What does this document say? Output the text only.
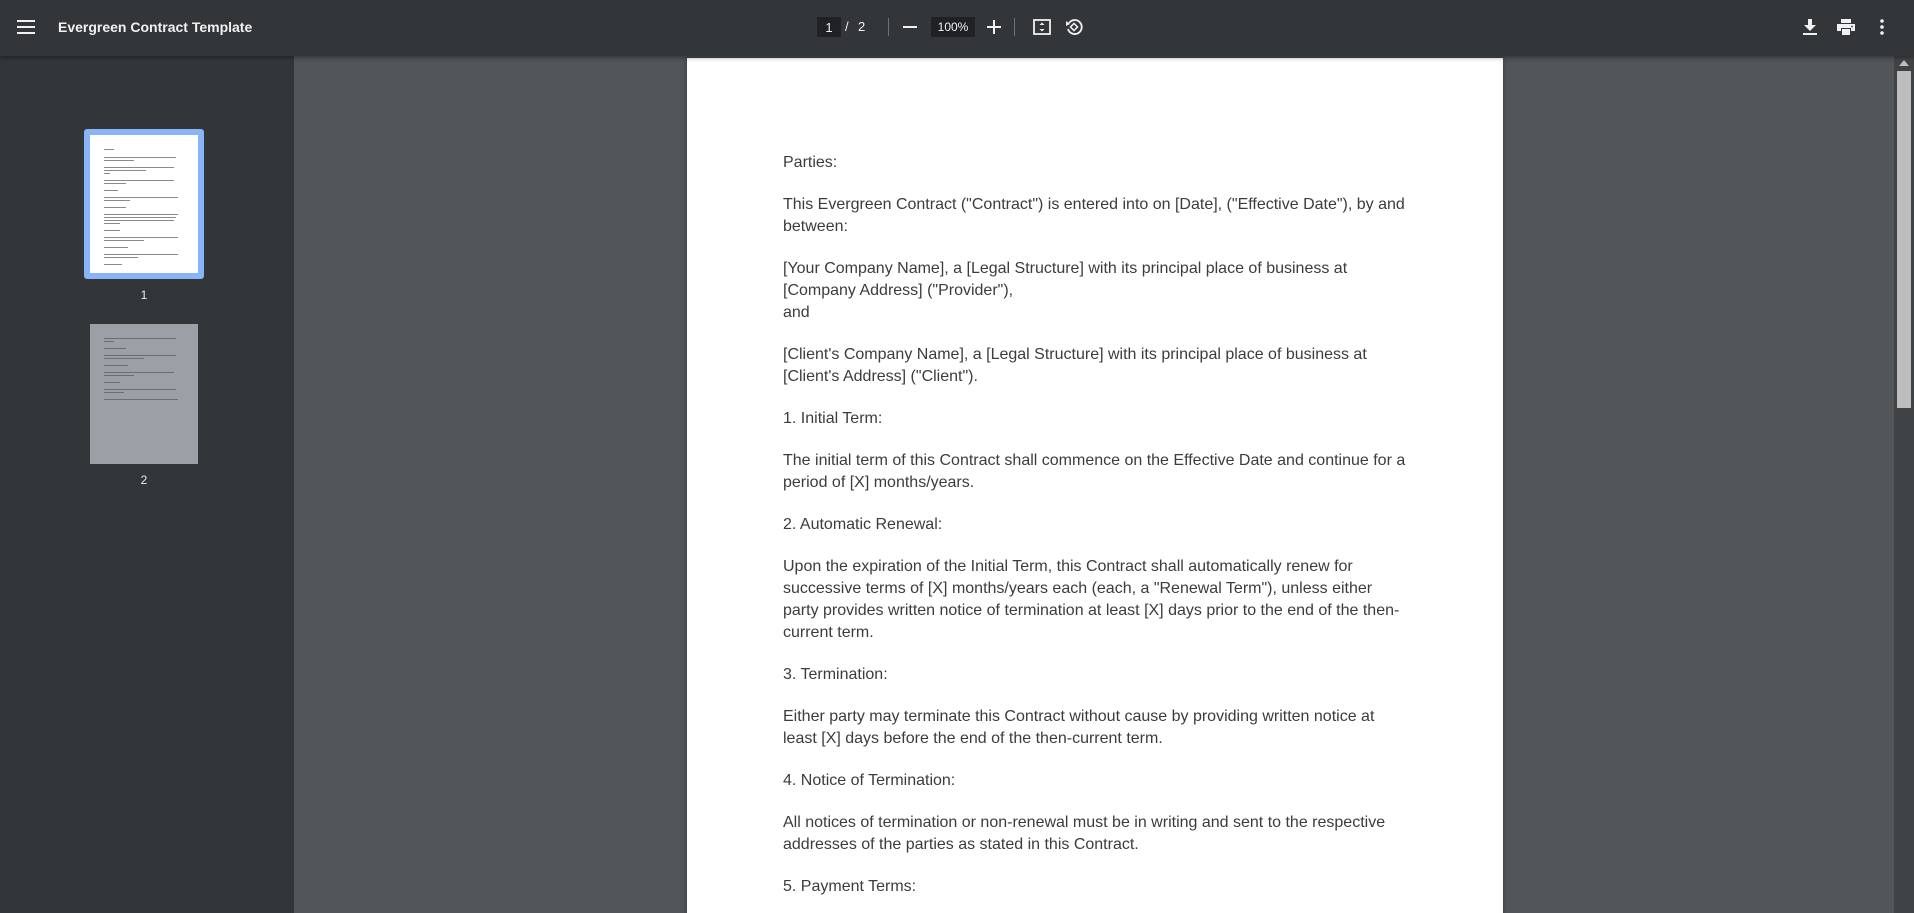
Evergreen Contract Template
1	/ 2
100%
1
2

Parties:

This Evergreen Contract ("Contract") is entered into on [Date], ("Effective Date"), by and between:

[Your Company Name], a [Legal Structure] with its principal place of business at [Company Address] ("Provider"),
and

[Client's Company Name], a [Legal Structure] with its principal place of business at [Client's Address] ("Client").

1. Initial Term:

The initial term of this Contract shall commence on the Effective Date and continue for a period of [X] months/years.

2. Automatic Renewal:

Upon the expiration of the Initial Term, this Contract shall automatically renew for successive terms of [X] months/years each (each, a "Renewal Term"), unless either party provides written notice of termination at least [X] days prior to the end of the then-current term.

3. Termination:

Either party may terminate this Contract without cause by providing written notice at least [X] days before the end of the then-current term.

4. Notice of Termination:

All notices of termination or non-renewal must be in writing and sent to the respective addresses of the parties as stated in this Contract.

5. Payment Terms:
